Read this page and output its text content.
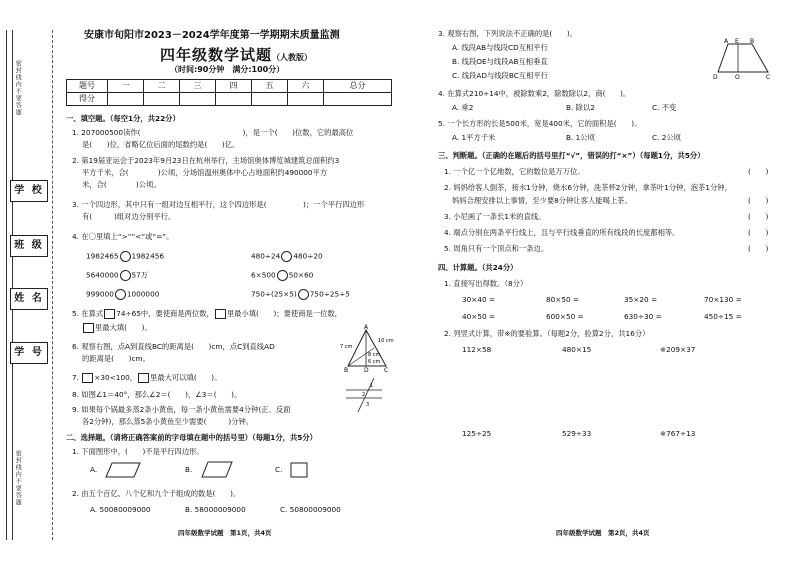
密封线内不要答题
密封线内不要答题
学 校
班 级
姓 名
学 号
安康市旬阳市2023－2024学年度第一学期期末质量监测
四年级数学试题（人教版）
（时间:90分钟　满分:100分）
题号	一	二	三	四	五	六	总分
得分							
一、填空题。（每空1分，共22分）
1. 207000500读作(　　　　　　　　　　　　　　)，是一个(　　)位数，它的最高位
是(　　)位，省略亿位后面的尾数约是(　　)亿。
2. 第19届亚运会于2023年9月23日在杭州举行，主场馆奥体博览城建筑总面积约3
平方千米，合(　　　　)公顷，分场馆温州奥体中心占地面积约490000平方
米，合(　　　　)公顷。
3. 一个四边形，其中只有一组对边互相平行，这个四边形是(　　　　　)；一个平行四边形
有(　　　)组对边分别平行。
4. 在〇里填上“>”“<”或“=”。
1982465 1982456	480÷24 480÷20
5640000 57万	6×500 50×60
999000 1000000	750÷(25×5) 750÷25÷5
5. 在算式 74÷65中，要使商是两位数， 里最小填(　　)；要使商是一位数，
里最大填(　　)。
6. 观察右图，点A到直线BC的距离是(　　)cm，点C到直线AD
的距离是(　　)cm。
7. ×30<100， 里最大可以填(　　)。
8. 如图∠1＝40°，那么∠2＝(　　)，∠3＝(　　)。
9. 如果每个锅最多蒸2条小黄鱼，每一条小黄鱼需要4分钟(正、反面
各2分钟)，那么蒸5条小黄鱼至少需要(　　　)分钟。
二、选择题。（请将正确答案前的字母填在题中的括号里）（每题1分，共5分）
1. 下面图形中，(　　)不是平行四边形。
A.	B.	C.
2. 由五个百亿、八个亿和九个千组成的数是(　　)。
A. 50080009000	B. 58000009000	C. 50800009000
四年级数学试题　第1页，共4页
A
B	D	C
10 cm
8 cm
6 cm
7 cm
1
2
3
3. 观察右图，下列说法不正确的是(　　)。
A. 线段AB与线段CD互相平行
B. 线段OE与线段AB互相垂直
C. 线段AD与线段BC互相平行
A E B
D	O	C
4. 在算式210÷14中，被除数乘2，除数除以2，商(　　)。
A. 乘2	B. 除以2	C. 不变
5. 一个长方形的长是500米，宽是400米，它的面积是(　　)。
A. 1平方千米	B. 1公顷	C. 2公顷
三、判断题。（正确的在题后的括号里打“√”，错误的打“×”）（每题1分，共5分）
1. 一个亿一个亿地数，它的数位是万万位。	(　　)
2. 妈妈给客人倒茶，接水1分钟，烧水6分钟，洗茶杯2分钟，拿茶叶1分钟，泡茶1分钟，
妈妈合理安排以上事情，至少要8分钟让客人能喝上茶。	(　　)
3. 小尼画了一条长1米的直线。	(　　)
4. 端点分别在两条平行线上，且与平行线垂直的所有线段的长度都相等。	(　　)
5. 周角只有一个顶点和一条边。	(　　)
四、计算题。（共24分）
1. 直接写出得数。（8分）
30×40 =	80×50 =	35×20 =	70×130 =
40×50 =	600×50 =	630÷30 =	450÷15 =
2. 列竖式计算，带※的要验算。（每题2分，验算2分，共16分）
112×58	480×15	※209×37
125÷25	529÷33	※767÷13
四年级数学试题　第2页，共4页
